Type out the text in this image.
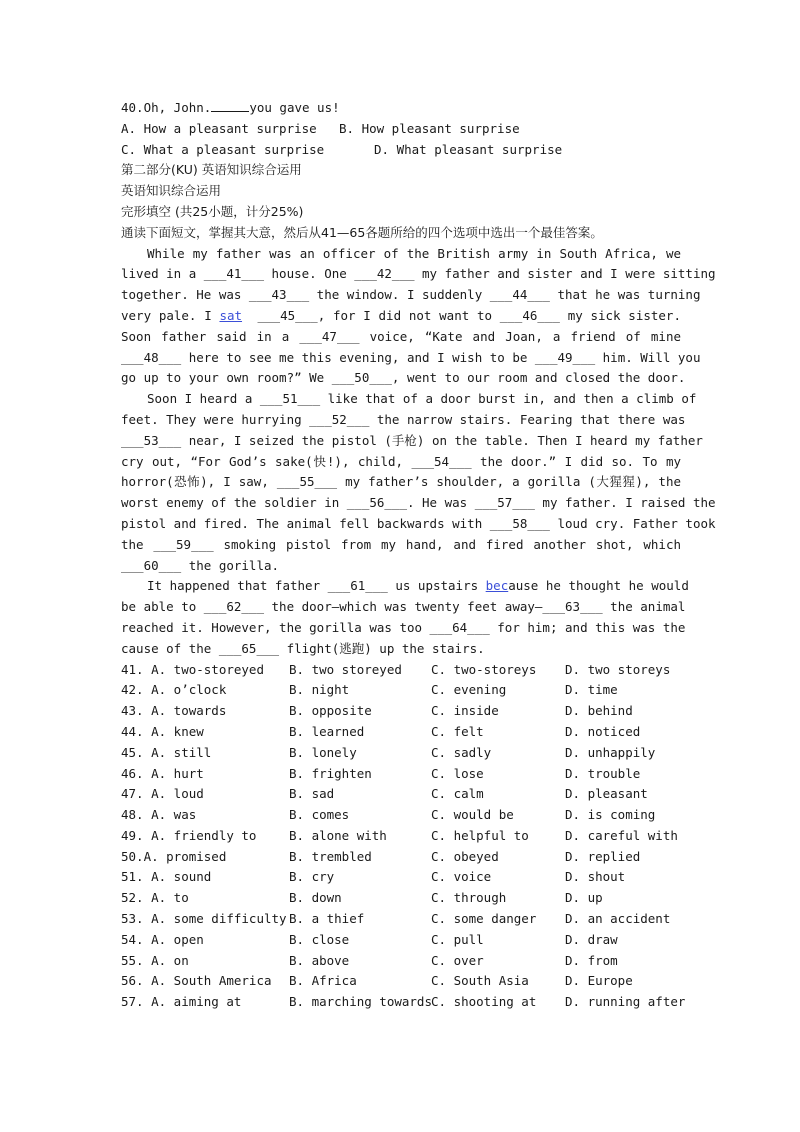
40.Oh, John.	you gave us!
A. How a pleasant surprise	B. How pleasant surprise
C. What a pleasant surprise	D. What pleasant surprise
第二部分(KU) 英语知识综合运用
英语知识综合运用
完形填空 (共25小题，计分25%)
通读下面短文，掌握其大意，然后从41—65各题所给的四个选项中选出一个最佳答案。
While my father was an officer of the British army in South Africa, we
lived in a ___41___ house. One ___42___ my father and sister and I were sitting
together. He was ___43___ the window. I suddenly ___44___ that he was turning
very pale. I sat ___45___, for I did not want to ___46___ my sick sister.
Soon father said in a ___47___ voice, “Kate and Joan, a friend of mine
___48___ here to see me this evening, and I wish to be ___49___ him. Will you
go up to your own room?” We ___50___, went to our room and closed the door.
Soon I heard a ___51___ like that of a door burst in, and then a climb of
feet. They were hurrying ___52___ the narrow stairs. Fearing that there was
___53___ near, I seized the pistol (手枪) on the table. Then I heard my father
cry out, “For God’s sake(快!), child, ___54___ the door.” I did so. To my
horror(恐怖), I saw, ___55___ my father’s shoulder, a gorilla (大猩猩), the
worst enemy of the soldier in ___56___. He was ___57___ my father. I raised the
pistol and fired. The animal fell backwards with ___58___ loud cry. Father took
the ___59___ smoking pistol from my hand, and fired another shot, which
___60___ the gorilla.
It happened that father ___61___ us upstairs because he thought he would
be able to ___62___ the door—which was twenty feet away—___63___ the animal
reached it. However, the gorilla was too ___64___ for him; and this was the
cause of the ___65___ flight(逃跑) up the stairs.
41. A. two-storeyed	B. two storeyed	C. two-storeys	D. two storeys
42. A. o’clock	B. night	C. evening	D. time
43. A. towards	B. opposite	C. inside	D. behind
44. A. knew	B. learned	C. felt	D. noticed
45. A. still	B. lonely	C. sadly	D. unhappily
46. A. hurt	B. frighten	C. lose	D. trouble
47. A. loud	B. sad	C. calm	D. pleasant
48. A. was	B. comes	C. would be	D. is coming
49. A. friendly to	B. alone with	C. helpful to	D. careful with
50.A. promised	B. trembled	C. obeyed	D. replied
51. A. sound	B. cry	C. voice	D. shout
52. A. to	B. down	C. through	D. up
53. A. some difficulty B. a thief	C. some danger	D. an accident
54. A. open	B. close	C. pull	D. draw
55. A. on	B. above	C. over	D. from
56. A. South America	B. Africa	C. South Asia	D. Europe
57. A. aiming at	B. marching towards C. shooting at	D. running after
